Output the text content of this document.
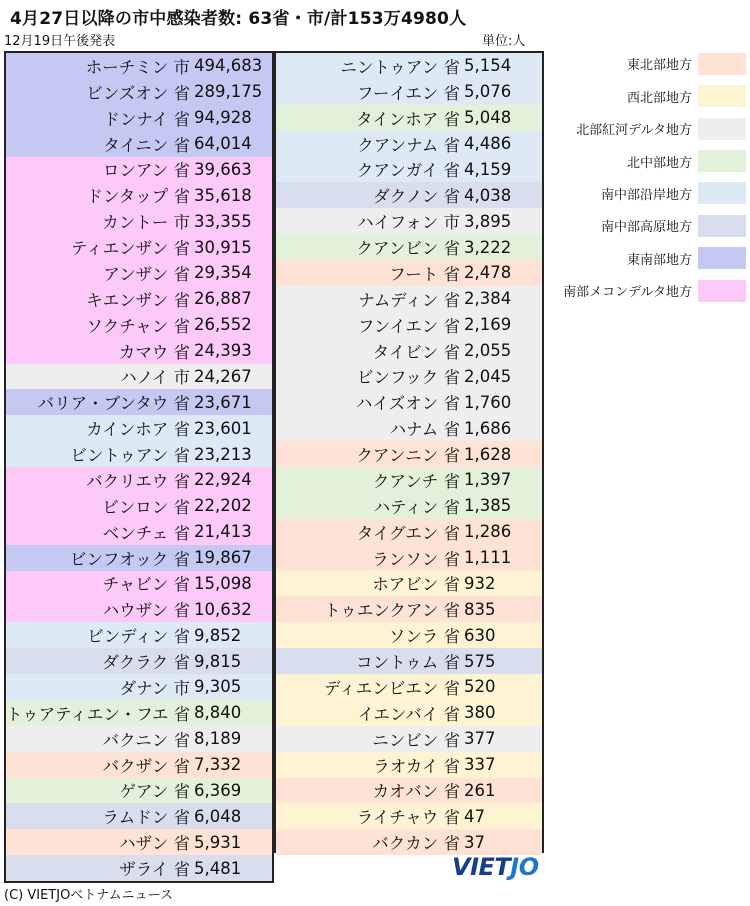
4月27日以降の市中感染者数: 63省・市/計153万4980人
12月19日午後発表	単位:人
ホーチミン 市 494,683
ビンズオン 省 289,175
ドンナイ 省 94,928
タイニン 省 64,014
ロンアン 省 39,663
ドンタップ 省 35,618
カントー 市 33,355
ティエンザン 省 30,915
アンザン 省 29,354
キエンザン 省 26,887
ソクチャン 省 26,552
カマウ 省 24,393
ハノイ 市 24,267
バリア・ブンタウ 省 23,671
カインホア 省 23,601
ビントゥアン 省 23,213
バクリエウ 省 22,924
ビンロン 省 22,202
ベンチェ 省 21,413
ビンフオック 省 19,867
チャビン 省 15,098
ハウザン 省 10,632
ビンディン 省 9,852
ダクラク 省 9,815
ダナン 市 9,305
トゥアティエン・フエ 省 8,840
バクニン 省 8,189
バクザン 省 7,332
ゲアン 省 6,369
ラムドン 省 6,048
ハザン 省 5,931
ザライ 省 5,481
ニントゥアン 省 5,154
フーイエン 省 5,076
タインホア 省 5,048
クアンナム 省 4,486
クアンガイ 省 4,159
ダクノン 省 4,038
ハイフォン 市 3,895
クアンビン 省 3,222
フート 省 2,478
ナムディン 省 2,384
フンイエン 省 2,169
タイビン 省 2,055
ビンフック 省 2,045
ハイズオン 省 1,760
ハナム 省 1,686
クアンニン 省 1,628
クアンチ 省 1,397
ハティン 省 1,385
タイグエン 省 1,286
ランソン 省 1,111
ホアビン 省 932
トゥエンクアン 省 835
ソンラ 省 630
コントゥム 省 575
ディエンビエン 省 520
イエンバイ 省 380
ニンビン 省 377
ラオカイ 省 337
カオバン 省 261
ライチャウ 省 47
バクカン 省 37
東北部地方
西北部地方
北部紅河デルタ地方
北中部地方
南中部沿岸地方
南中部高原地方
東南部地方
南部メコンデルタ地方
VIETJO
(C) VIETJOベトナムニュース
